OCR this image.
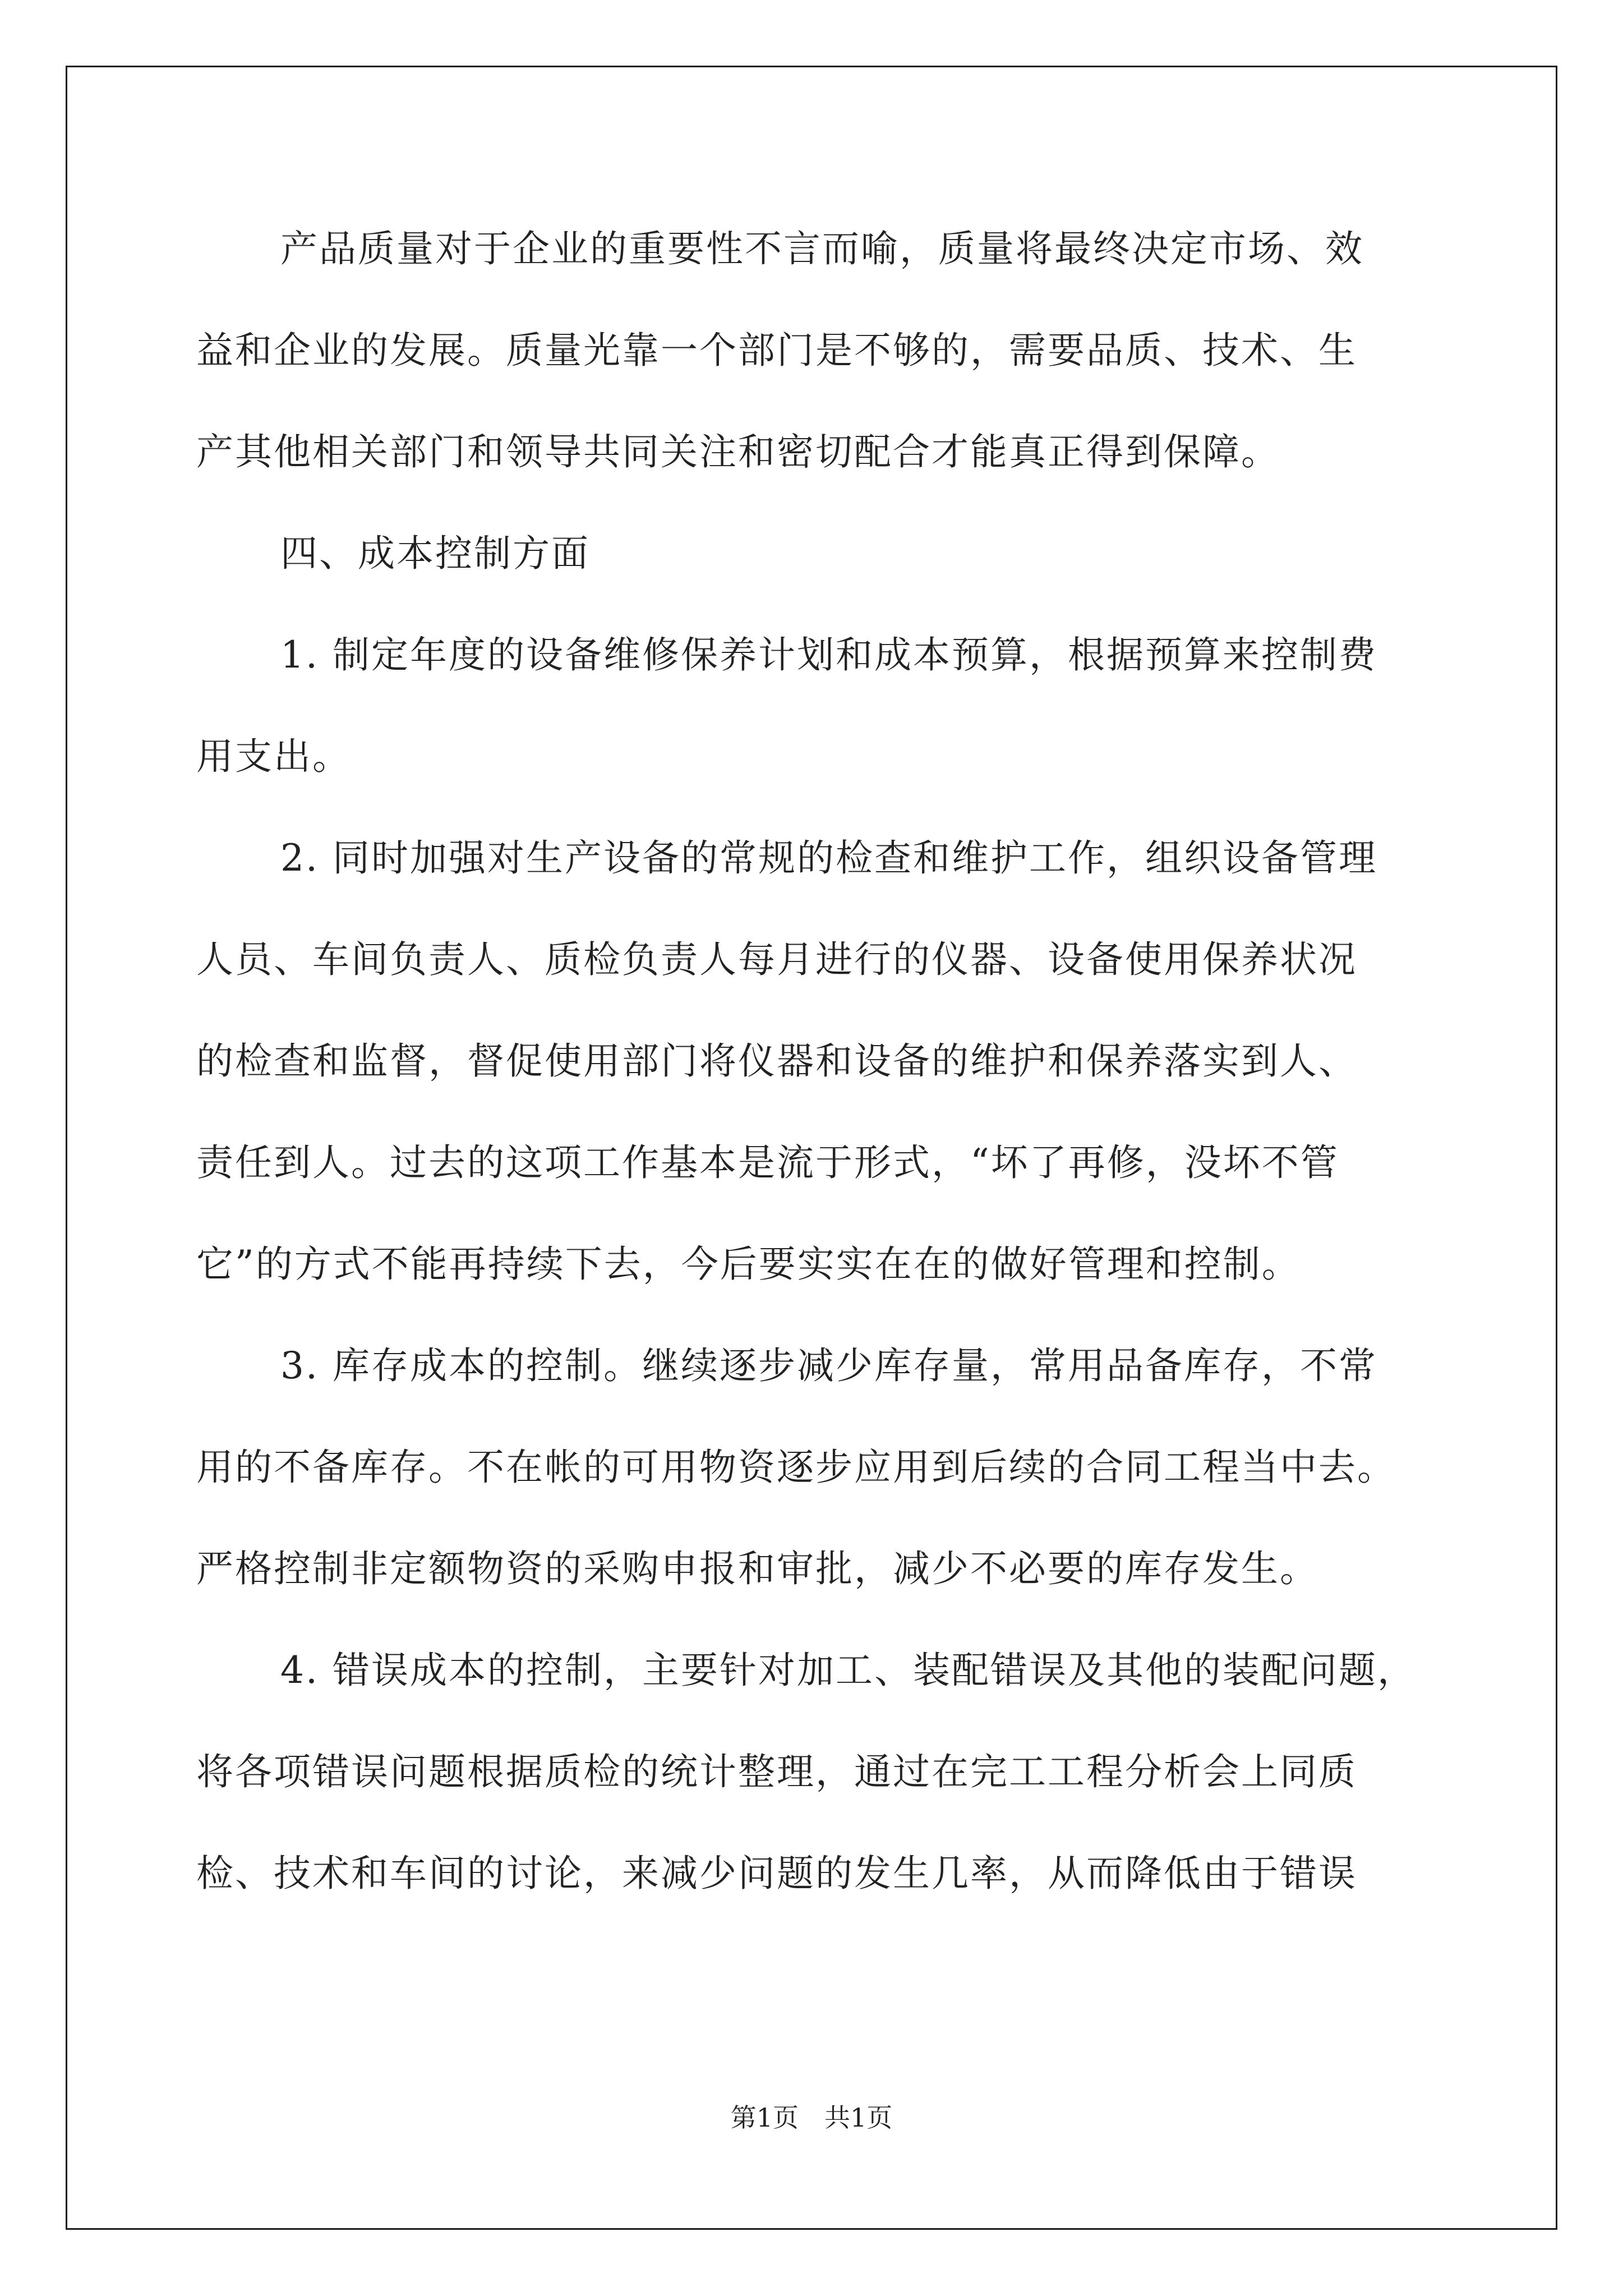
产品质量对于企业的重要性不言而喻，质量将最终决定市场、效
益和企业的发展。质量光靠一个部门是不够的，需要品质、技术、生
产其他相关部门和领导共同关注和密切配合才能真正得到保障。
四、成本控制方面
1. 制定年度的设备维修保养计划和成本预算，根据预算来控制费
用支出。
2. 同时加强对生产设备的常规的检查和维护工作，组织设备管理
人员、车间负责人、质检负责人每月进行的仪器、设备使用保养状况
的检查和监督，督促使用部门将仪器和设备的维护和保养落实到人、
责任到人。过去的这项工作基本是流于形式，“坏了再修，没坏不管
它”的方式不能再持续下去，今后要实实在在的做好管理和控制。
3. 库存成本的控制。继续逐步减少库存量，常用品备库存，不常
用的不备库存。不在帐的可用物资逐步应用到后续的合同工程当中去。
严格控制非定额物资的采购申报和审批，减少不必要的库存发生。
4. 错误成本的控制，主要针对加工、装配错误及其他的装配问题，
将各项错误问题根据质检的统计整理，通过在完工工程分析会上同质
检、技术和车间的讨论，来减少问题的发生几率，从而降低由于错误
第1页　共1页
